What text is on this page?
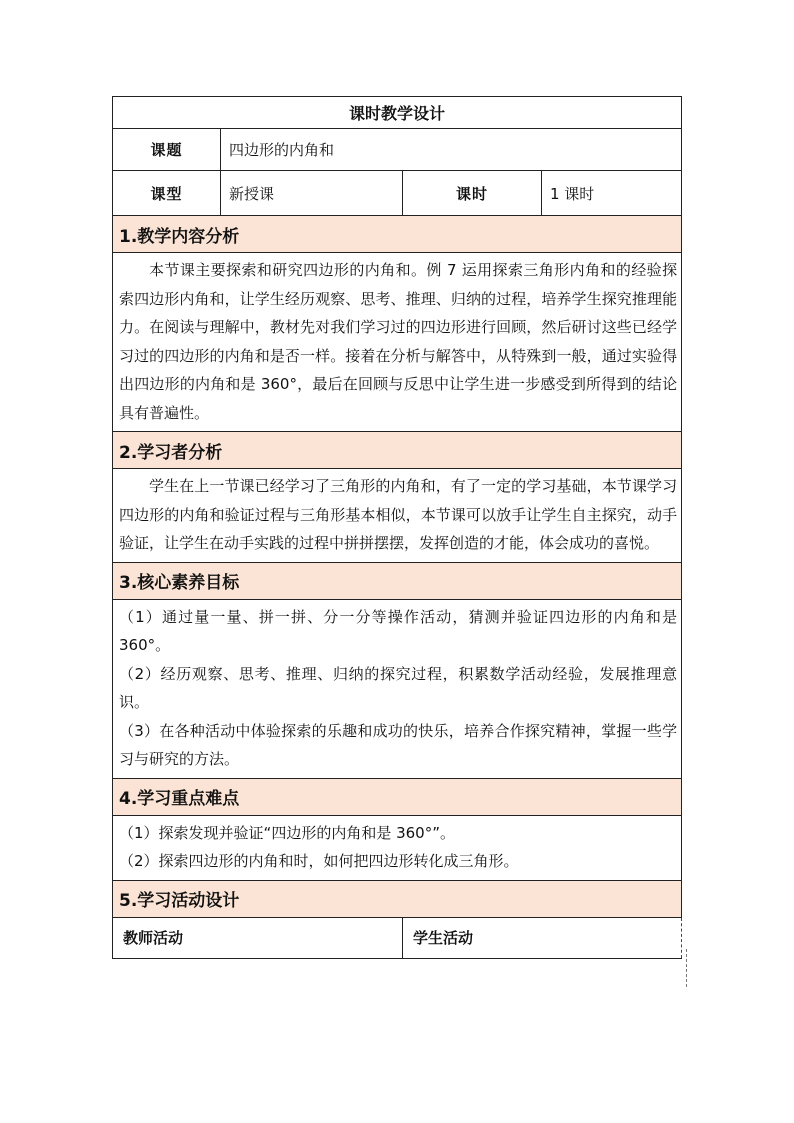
课时教学设计			
课题	四边形的内角和		
课型	新授课	课时	1 课时
1.教学内容分析			

本节课主要探索和研究四边形的内角和。例 7 运用探索三角形内角和的经验探索四边形内角和，让学生经历观察、思考、推理、归纳的过程，培养学生探究推理能力。在阅读与理解中，教材先对我们学习过的四边形进行回顾，然后研讨这些已经学习过的四边形的内角和是否一样。接着在分析与解答中，从特殊到一般，通过实验得出四边形的内角和是 360°，最后在回顾与反思中让学生进一步感受到所得到的结论具有普遍性。			

2.学习者分析			

学生在上一节课已经学习了三角形的内角和，有了一定的学习基础，本节课学习四边形的内角和验证过程与三角形基本相似，本节课可以放手让学生自主探究，动手验证，让学生在动手实践的过程中拼拼摆摆，发挥创造的才能，体会成功的喜悦。			

3.核心素养目标			

（1）通过量一量、拼一拼、分一分等操作活动，猜测并验证四边形的内角和是 360°。

（2）经历观察、思考、推理、归纳的探究过程，积累数学活动经验，发展推理意识。

（3）在各种活动中体验探索的乐趣和成功的快乐，培养合作探究精神，掌握一些学习与研究的方法。			

4.学习重点难点			

（1）探索发现并验证“四边形的内角和是 360°”。

（2）探索四边形的内角和时，如何把四边形转化成三角形。			

5.学习活动设计			
教师活动		学生活动	
